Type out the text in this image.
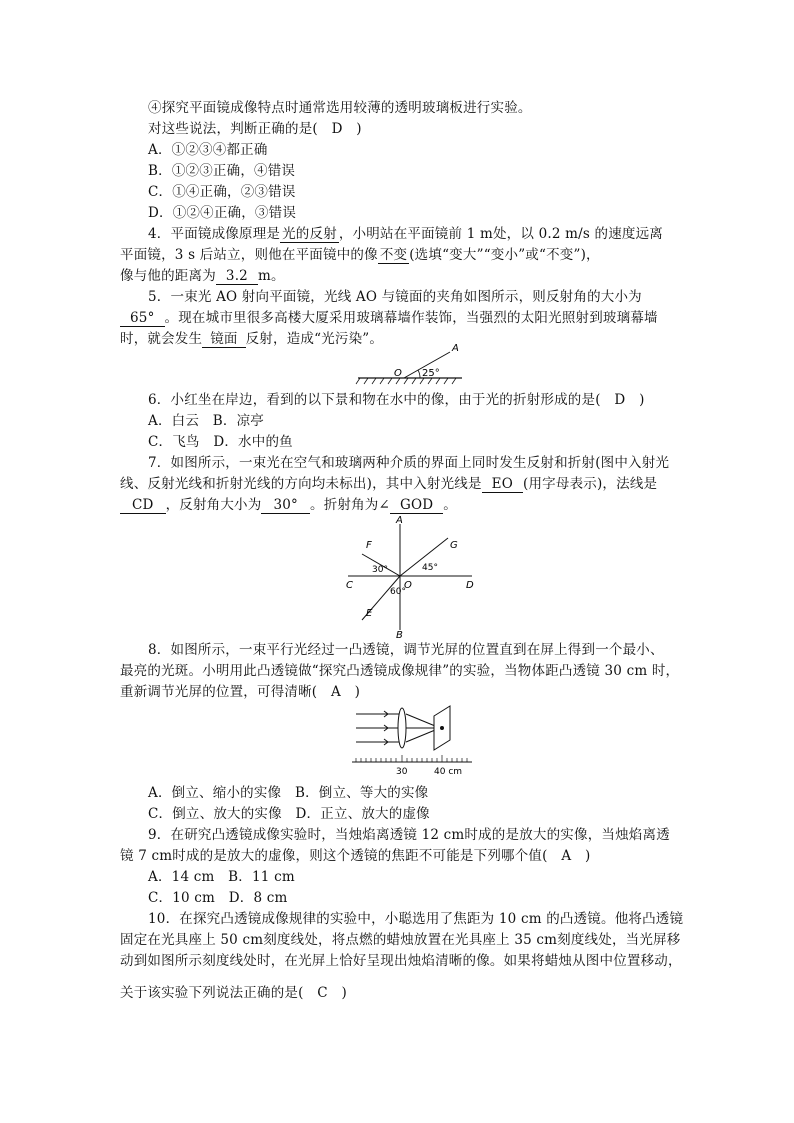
④探究平面镜成像特点时通常选用较薄的透明玻璃板进行实验。
对这些说法，判断正确的是(　D　)
A．①②③④都正确
B．①②③正确，④错误
C．①④正确，②③错误
D．①②④正确，③错误
4．平面镜成像原理是 光的反射 ，小明站在平面镜前 1 m处，以 0.2 m/s 的速度远离
平面镜，3 s 后站立，则他在平面镜中的像 不变 (选填“变大”“变小”或“不变”)，
像与他的距离为 3.2 m。
5．一束光 AO 射向平面镜，光线 AO 与镜面的夹角如图所示，则反射角的大小为
65° 。现在城市里很多高楼大厦采用玻璃幕墙作装饰，当强烈的太阳光照射到玻璃幕墙
时，就会发生 镜面 反射，造成“光污染”。
A
O 25°
6．小红坐在岸边，看到的以下景和物在水中的像，由于光的折射形成的是(　D　)
A．白云　B．凉亭
C．飞鸟　D．水中的鱼
7．如图所示，一束光在空气和玻璃两种介质的界面上同时发生反射和折射(图中入射光
线、反射光线和折射光线的方向均未标出)，其中入射光线是 EO (用字母表示)，法线是
CD ，反射角大小为 30° 。折射角为∠ GOD 。
A
B
C	D
E
F	G
O
30°	45°
60°
8．如图所示，一束平行光经过一凸透镜，调节光屏的位置直到在屏上得到一个最小、
最亮的光斑。小明用此凸透镜做“探究凸透镜成像规律”的实验，当物体距凸透镜 30 cm 时，
重新调节光屏的位置，可得清晰(　A　)
30	40 cm
A．倒立、缩小的实像　B．倒立、等大的实像
C．倒立、放大的实像　D．正立、放大的虚像
9．在研究凸透镜成像实验时，当烛焰离透镜 12 cm时成的是放大的实像，当烛焰离透
镜 7 cm时成的是放大的虚像，则这个透镜的焦距不可能是下列哪个值(　A　)
A．14 cm　B．11 cm
C．10 cm　D．8 cm
10．在探究凸透镜成像规律的实验中，小聪选用了焦距为 10 cm 的凸透镜。他将凸透镜
固定在光具座上 50 cm刻度线处，将点燃的蜡烛放置在光具座上 35 cm刻度线处，当光屏移
动到如图所示刻度线处时，在光屏上恰好呈现出烛焰清晰的像。如果将蜡烛从图中位置移动，
关于该实验下列说法正确的是(　C　)
